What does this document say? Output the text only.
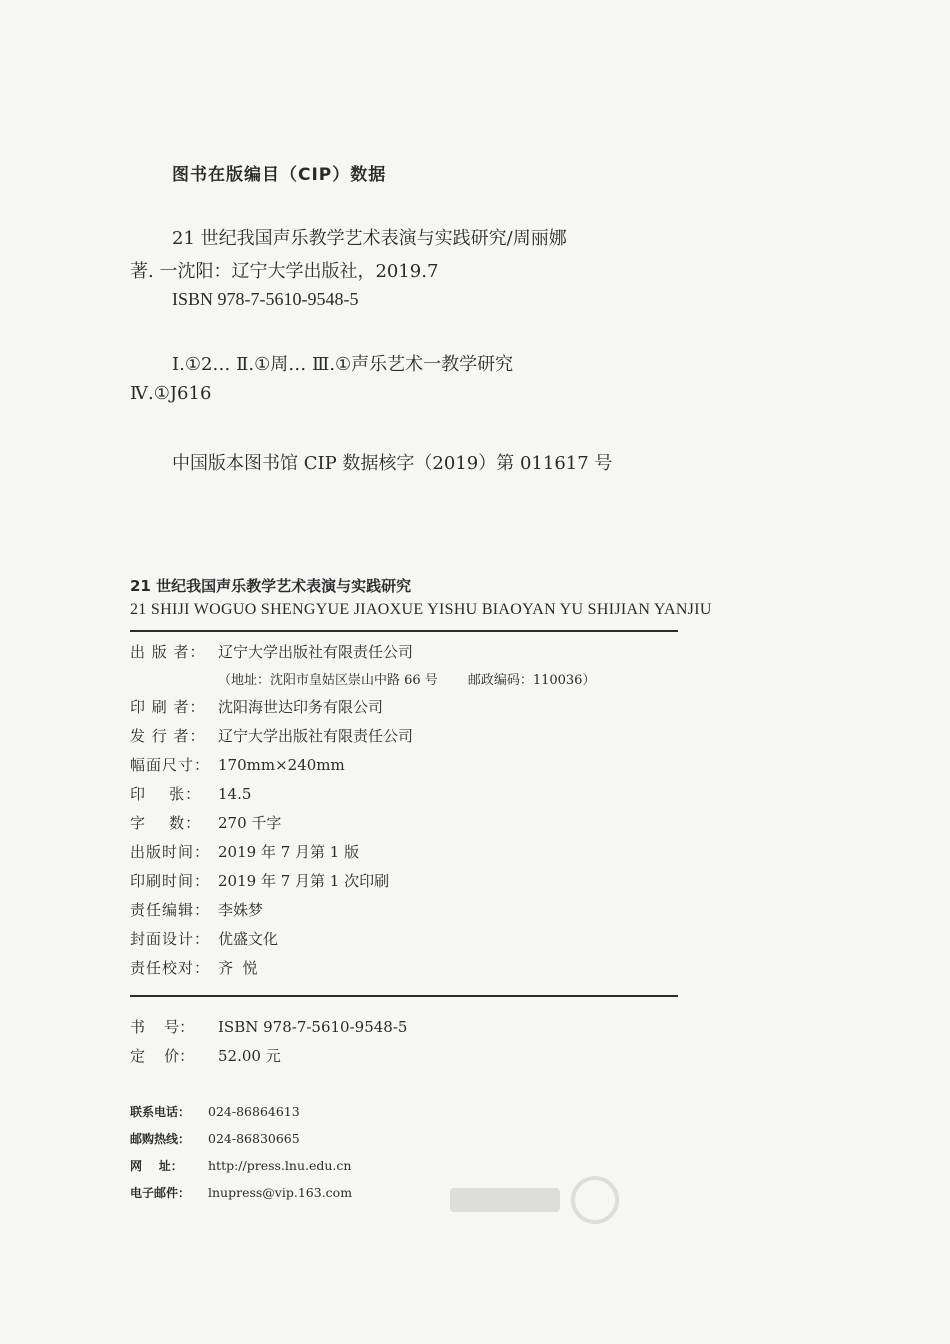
图书在版编目（CIP）数据
21 世纪我国声乐教学艺术表演与实践研究/周丽娜
著. 一沈阳：辽宁大学出版社，2019.7
ISBN 978-7-5610-9548-5
Ⅰ.①2… Ⅱ.①周… Ⅲ.①声乐艺术一教学研究
Ⅳ.①J616
中国版本图书馆 CIP 数据核字（2019）第 011617 号
21 世纪我国声乐教学艺术表演与实践研究
21 SHIJI WOGUO SHENGYUE JIAOXUE YISHU BIAOYAN YU SHIJIAN YANJIU
出 版 者： 辽宁大学出版社有限责任公司
（地址：沈阳市皇姑区崇山中路 66 号 邮政编码：110036）
印 刷 者： 沈阳海世达印务有限公司
发 行 者： 辽宁大学出版社有限责任公司
幅面尺寸： 170mm×240mm
印    张：	14.5
字    数：	270 千字
出版时间： 2019 年 7 月第 1 版
印刷时间： 2019 年 7 月第 1 次印刷
责任编辑： 李姝梦
封面设计： 优盛文化
责任校对： 齐  悦
书    号： ISBN 978-7-5610-9548-5
定    价： 52.00 元
联系电话： 024-86864613
邮购热线： 024-86830665
网    址： http://press.lnu.edu.cn
电子邮件： lnupress@vip.163.com
